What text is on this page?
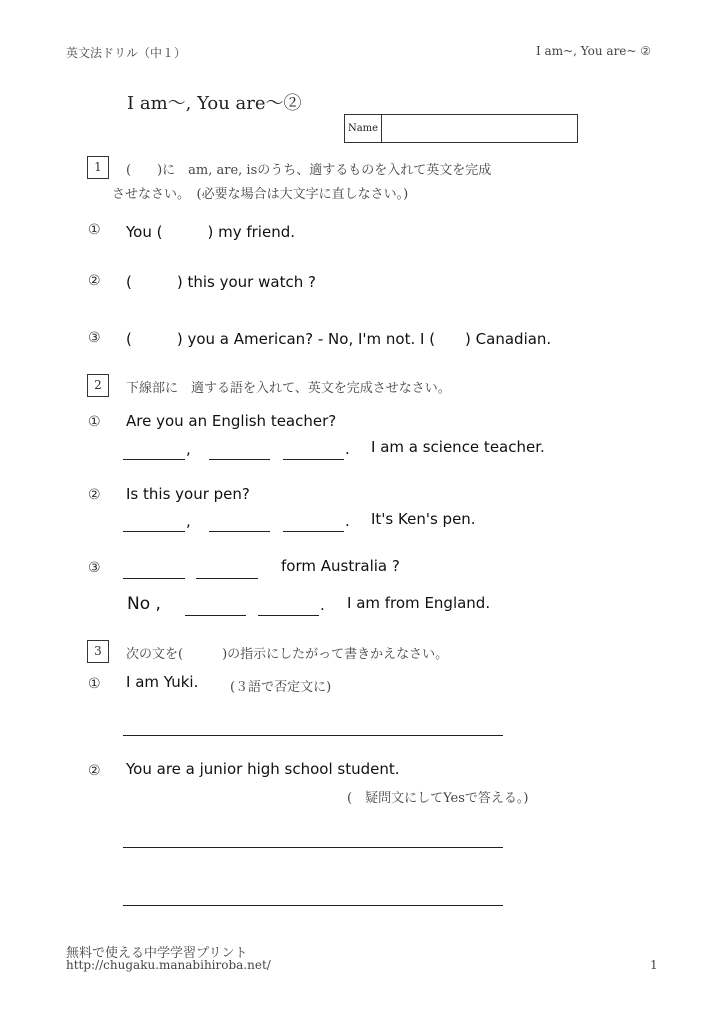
英文法ドリル（中１）	I am~, You are~ ②
I am〜, You are〜②
Name
1	(　　)に　am, are, isのうち、適するものを入れて英文を完成
させなさい。　(必要な場合は大文字に直しなさい。)
① You (　　　) my friend.
② (　　　) this your watch ?
③ (　　　) you a American? - No, I'm not. I (　　) Canadian.
2	下線部に　適する語を入れて、英文を完成させなさい。
① Are you an English teacher?
,	. I am a science teacher.
② Is this your pen?
,	. It's Ken's pen.
③	form Australia ?
No ,	. I am from England.
3	次の文を(　　　)の指示にしたがって書きかえなさい。
① I am Yuki. (３語で否定文に)
② You are a junior high school student.
(　疑問文にしてYesで答える。)
無料で使える中学学習プリント
http://chugaku.manabihiroba.net/	1
